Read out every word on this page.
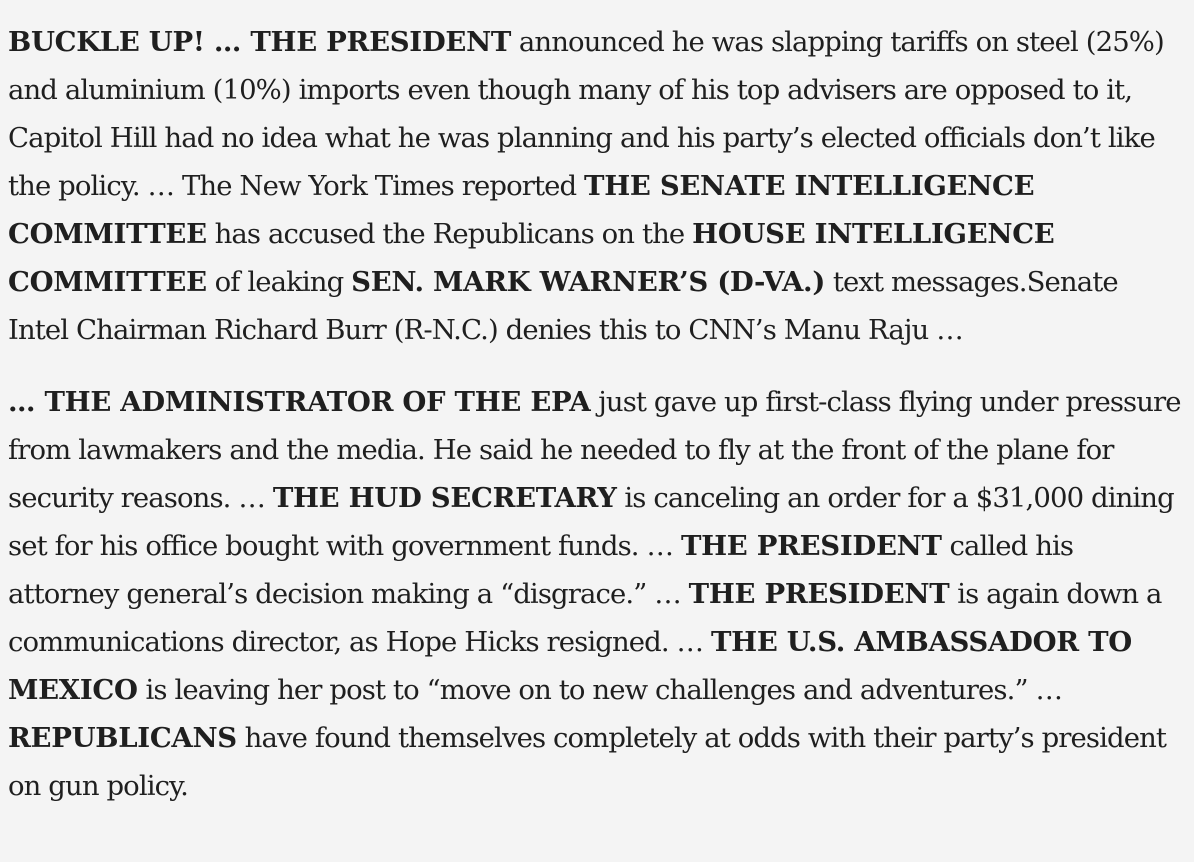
BUCKLE UP! … THE PRESIDENT announced he was slapping tariffs on steel (25%) and aluminium (10%) imports even though many of his top advisers are opposed to it, Capitol Hill had no idea what he was planning and his party’s elected officials don’t like the policy. … The New York Times reported THE SENATE INTELLIGENCE COMMITTEE has accused the Republicans on the HOUSE INTELLIGENCE COMMITTEE of leaking SEN. MARK WARNER’S (D-VA.) text messages.Senate Intel Chairman Richard Burr (R-N.C.) denies this to CNN’s Manu Raju …

… THE ADMINISTRATOR OF THE EPA just gave up first-class flying under pressure from lawmakers and the media. He said he needed to fly at the front of the plane for security reasons. … THE HUD SECRETARY is canceling an order for a $31,000 dining set for his office bought with government funds. … THE PRESIDENT called his attorney general’s decision making a “disgrace.” … THE PRESIDENT is again down a communications director, as Hope Hicks resigned. … THE U.S. AMBASSADOR TO MEXICO is leaving her post to “move on to new challenges and adventures.” … REPUBLICANS have found themselves completely at odds with their party’s president on gun policy.
